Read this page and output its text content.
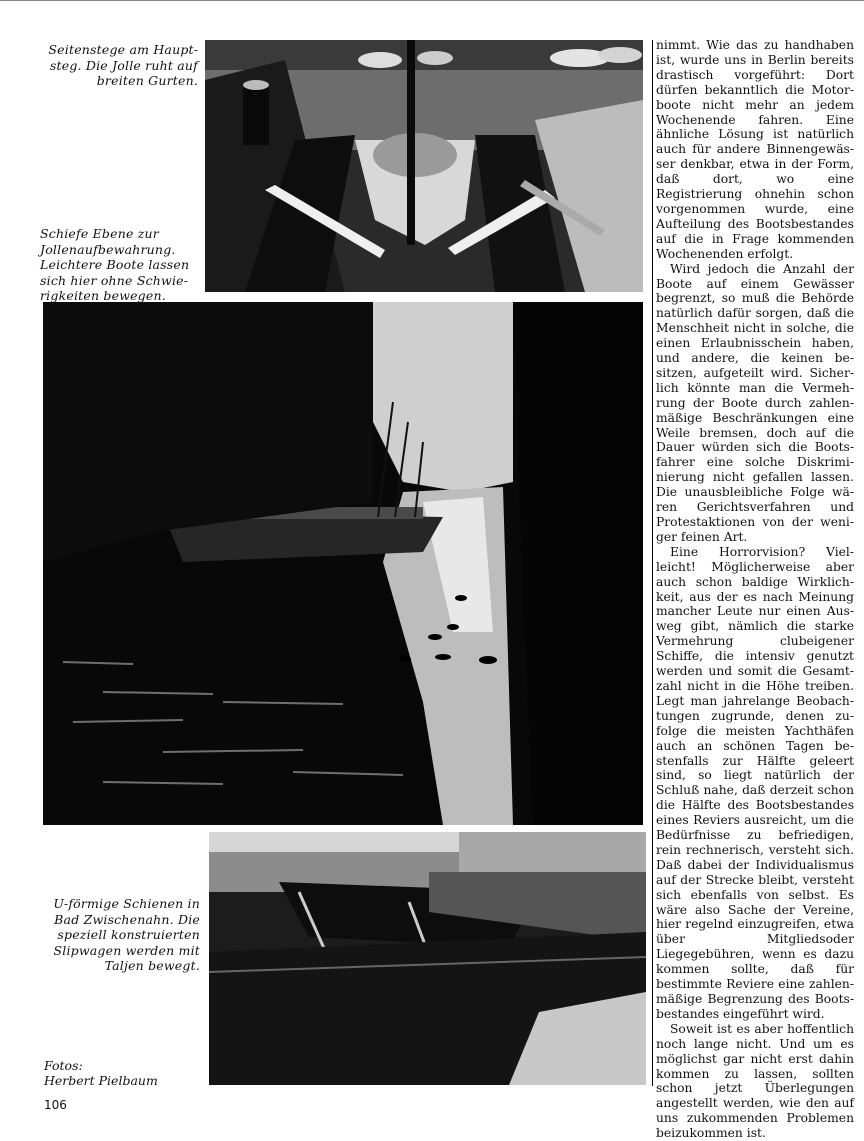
Seitenstege am Hauptsteg. Die Jolle ruht auf breiten Gurten.
Schiefe Ebene zur Jollenaufbewahrung. Leichtere Boote lassen sich hier ohne Schwierigkeiten bewegen.
U-förmige Schienen in Bad Zwischenahn. Die speziell konstruierten Slipwagen werden mit Taljen bewegt.

nimmt. Wie das zu handhaben ist, wurde uns in Berlin bereits drastisch vorgeführt: Dort dürfen bekanntlich die Motorboote nicht mehr an jedem Wochenende fahren. Eine ähnliche Lösung ist natürlich auch für andere Binnengewässer denkbar, etwa in der Form, daß dort, wo eine Registrierung ohnehin schon vorgenommen wurde, eine Aufteilung des Bootsbestandes auf die in Frage kommenden Wochenenden erfolgt.

Wird jedoch die Anzahl der Boote auf einem Gewässer begrenzt, so muß die Behörde natürlich dafür sorgen, daß die Menschheit nicht in solche, die einen Erlaubnisschein haben, und andere, die keinen besitzen, aufgeteilt wird. Sicherlich könnte man die Vermehrung der Boote durch zahlenmäßige Beschränkungen eine Weile bremsen, doch auf die Dauer würden sich die Bootsfahrer eine solche Diskriminierung nicht gefallen lassen. Die unausbleibliche Folge wären Gerichtsverfahren und Protestaktionen von der weniger feinen Art.

Eine Horrorvision? Vielleicht! Möglicherweise aber auch schon baldige Wirklichkeit, aus der es nach Meinung mancher Leute nur einen Ausweg gibt, nämlich die starke Vermehrung clubeigener Schiffe, die intensiv genutzt werden und somit die Gesamtzahl nicht in die Höhe treiben. Legt man jahrelange Beobachtungen zugrunde, denen zufolge die meisten Yachthäfen auch an schönen Tagen bestenfalls zur Hälfte geleert sind, so liegt natürlich der Schluß nahe, daß derzeit schon die Hälfte des Bootsbestandes eines Reviers ausreicht, um die Bedürfnisse zu befriedigen, rein rechnerisch, versteht sich. Daß dabei der Individualismus auf der Strecke bleibt, versteht sich ebenfalls von selbst. Es wäre also Sache der Vereine, hier regelnd einzugreifen, etwa über Mitgliedsoder Liegegebühren, wenn es dazu kommen sollte, daß für bestimmte Reviere eine zahlenmäßige Begrenzung des Bootsbestandes eingeführt wird.

Soweit ist es aber hoffentlich noch lange nicht. Und um es möglichst gar nicht erst dahin kommen zu lassen, sollten schon jetzt Überlegungen angestellt werden, wie den auf uns zukommenden Problemen beizukommen ist.

Fotos:
Herbert Pielbaum
106
